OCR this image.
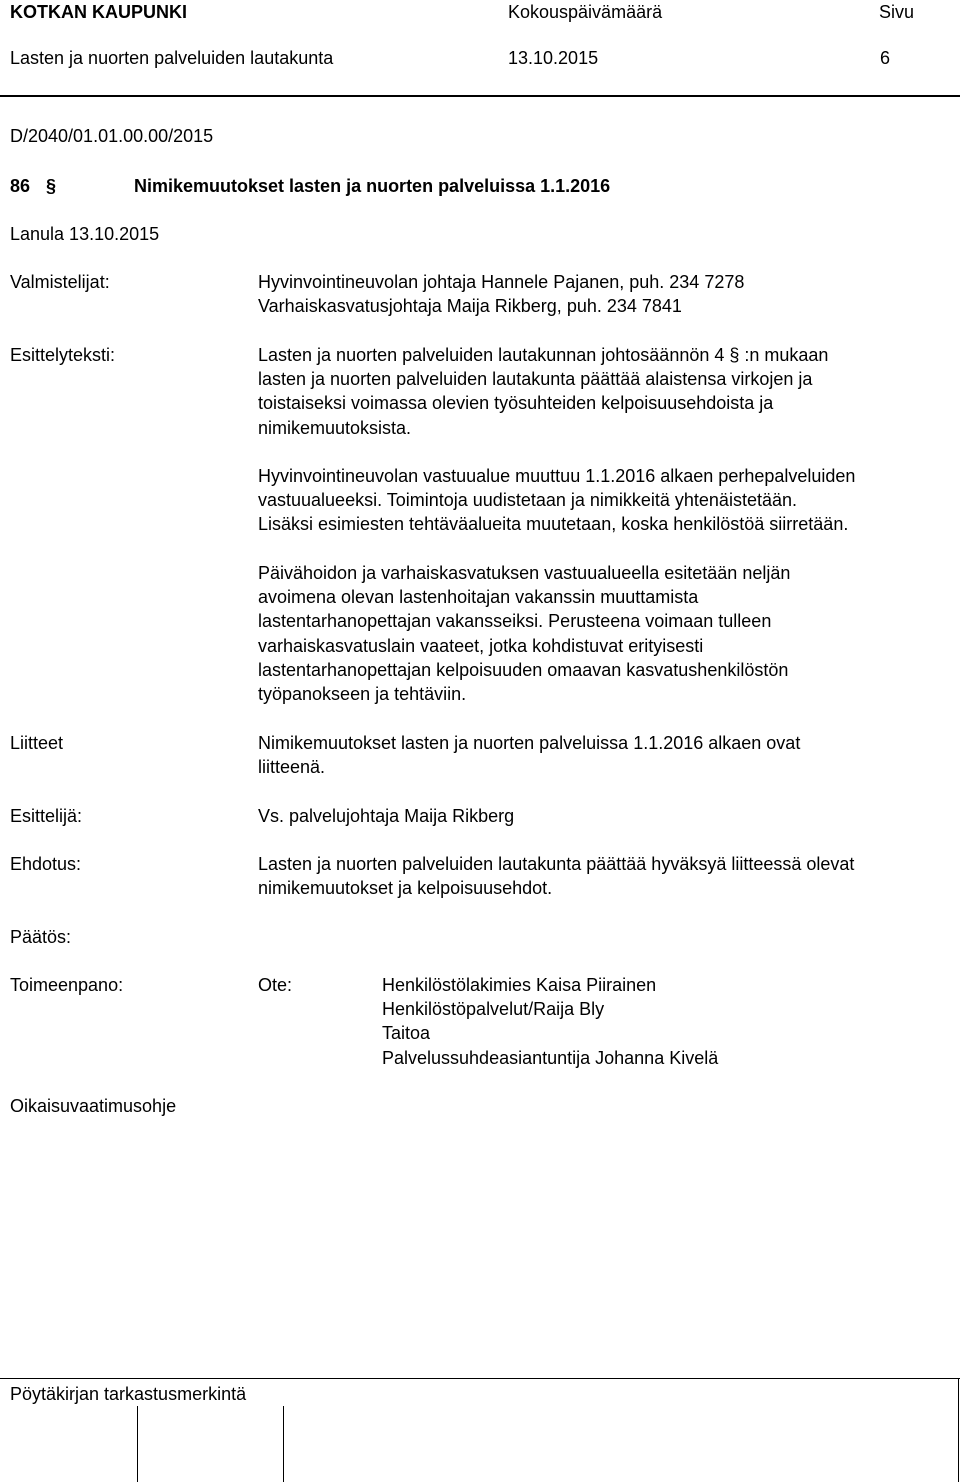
KOTKAN KAUPUNKI	Kokouspäivämäärä	Sivu
Lasten ja nuorten palveluiden lautakunta	13.10.2015	6
D/2040/01.01.00.00/2015
86 §	Nimikemuutokset lasten ja nuorten palveluissa 1.1.2016
Lanula 13.10.2015
Valmistelijat:	Hyvinvointineuvolan johtaja Hannele Pajanen, puh. 234 7278
Varhaiskasvatusjohtaja Maija Rikberg, puh. 234 7841
Esittelyteksti:	Lasten ja nuorten palveluiden lautakunnan johtosäännön 4 § :n mukaan

lasten ja nuorten palveluiden lautakunta päättää alaistensa virkojen ja

toistaiseksi voimassa olevien työsuhteiden kelpoisuusehdoista ja

nimikemuutoksista.

Hyvinvointineuvolan vastuualue muuttuu 1.1.2016 alkaen perhepalveluiden

vastuualueeksi. Toimintoja uudistetaan ja nimikkeitä yhtenäistetään.

Lisäksi esimiesten tehtäväalueita muutetaan, koska henkilöstöä siirretään.

Päivähoidon ja varhaiskasvatuksen vastuualueella esitetään neljän

avoimena olevan lastenhoitajan vakanssin muuttamista

lastentarhanopettajan vakansseiksi. Perusteena voimaan tulleen

varhaiskasvatuslain vaateet, jotka kohdistuvat erityisesti

lastentarhanopettajan kelpoisuuden omaavan kasvatushenkilöstön

työpanokseen ja tehtäviin.

Liitteet	Nimikemuutokset lasten ja nuorten palveluissa 1.1.2016 alkaen ovat

liitteenä.

Esittelijä:	Vs. palvelujohtaja Maija Rikberg
Ehdotus:	Lasten ja nuorten palveluiden lautakunta päättää hyväksyä liitteessä olevat

nimikemuutokset ja kelpoisuusehdot.

Päätös:
Toimeenpano:	Ote:	Henkilöstölakimies Kaisa Piirainen
Henkilöstöpalvelut/Raija Bly
Taitoa
Palvelussuhdeasiantuntija Johanna Kivelä
Oikaisuvaatimusohje
Pöytäkirjan tarkastusmerkintä
